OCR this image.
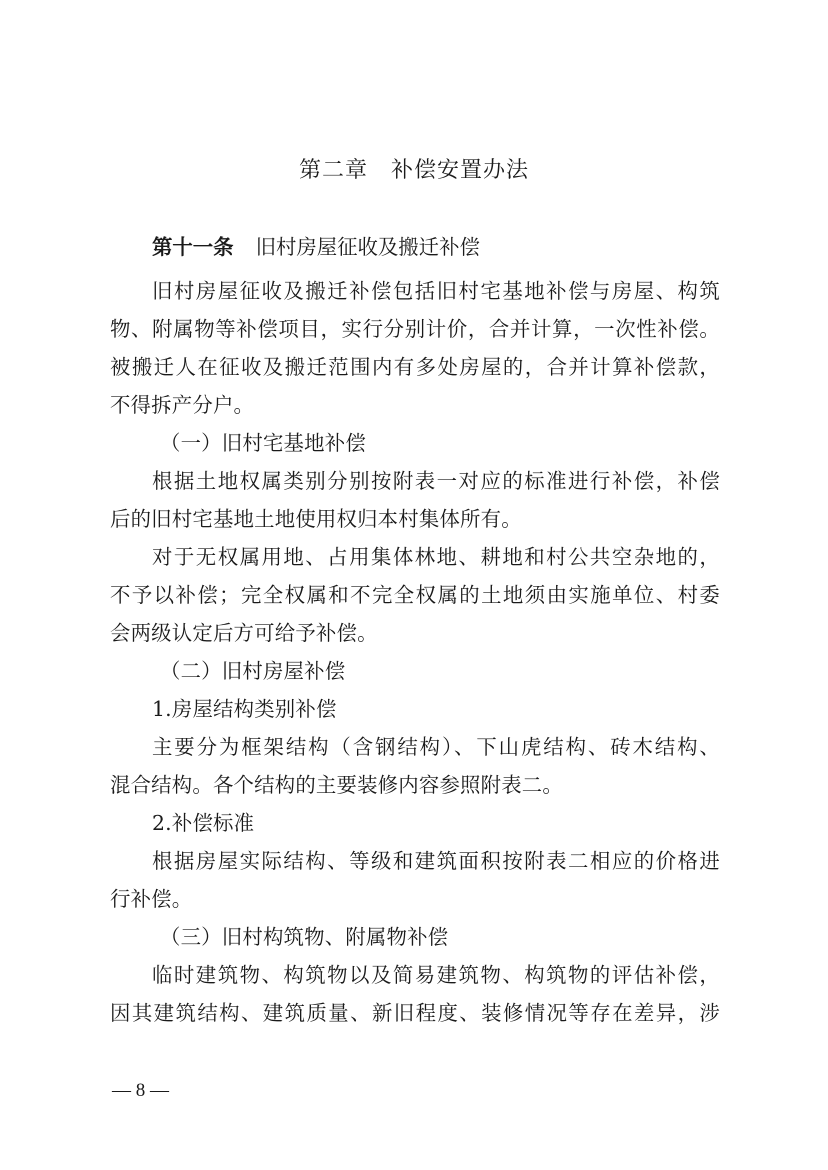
第二章　补偿安置办法
第十一条 旧村房屋征收及搬迁补偿
旧村房屋征收及搬迁补偿包括旧村宅基地补偿与房屋、构筑
物、附属物等补偿项目，实行分别计价，合并计算，一次性补偿。
被搬迁人在征收及搬迁范围内有多处房屋的，合并计算补偿款，
不得拆产分户。
（一）旧村宅基地补偿
根据土地权属类别分别按附表一对应的标准进行补偿，补偿
后的旧村宅基地土地使用权归本村集体所有。
对于无权属用地、占用集体林地、耕地和村公共空杂地的，
不予以补偿；完全权属和不完全权属的土地须由实施单位、村委
会两级认定后方可给予补偿。
（二）旧村房屋补偿
1.房屋结构类别补偿
主要分为框架结构（含钢结构）、下山虎结构、砖木结构、
混合结构。各个结构的主要装修内容参照附表二。
2.补偿标准
根据房屋实际结构、等级和建筑面积按附表二相应的价格进
行补偿。
（三）旧村构筑物、附属物补偿
临时建筑物、构筑物以及简易建筑物、构筑物的评估补偿，
因其建筑结构、建筑质量、新旧程度、装修情况等存在差异，涉
— 8 —
